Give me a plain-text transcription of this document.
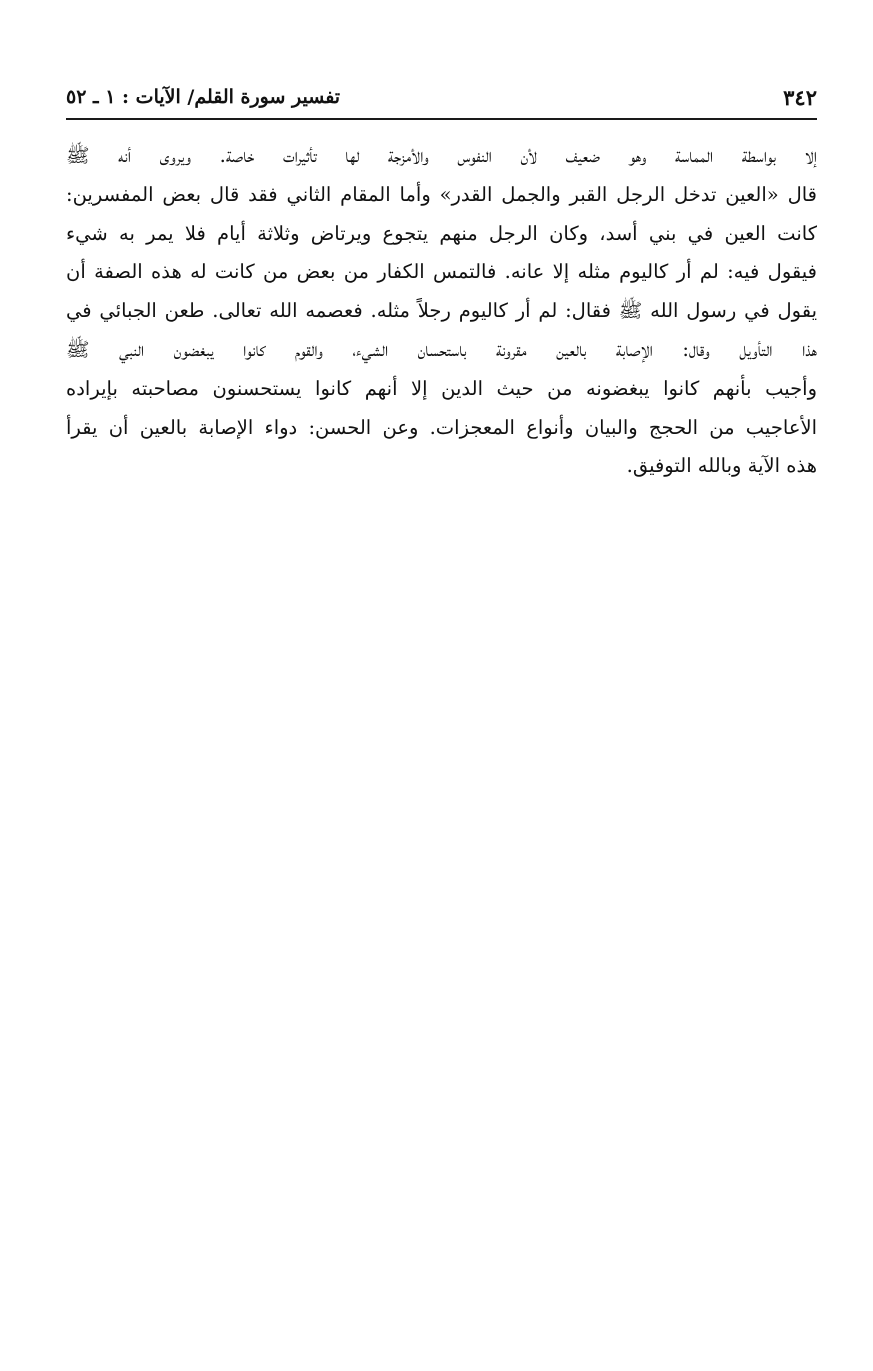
٣٤٢
تفسير سورة القلم/ الآيات : ١ ـ ٥٢
إلا بواسطة المماسة وهو ضعيف لأن النفوس والأمزجة لها تأثيرات خاصة. ويروى أنه ﷺ
قال «العين تدخل الرجل القبر والجمل القدر» وأما المقام الثاني فقد قال بعض المفسرين:
كانت العين في بني أسد، وكان الرجل منهم يتجوع ويرتاض وثلاثة أيام فلا يمر به شيء
فيقول فيه: لم أر كاليوم مثله إلا عانه. فالتمس الكفار من بعض من كانت له هذه الصفة أن
يقول في رسول الله ﷺ فقال: لم أر كاليوم رجلاً مثله. فعصمه الله تعالى. طعن الجبائي في
هذا التأويل وقال: الإصابة بالعين مقرونة باستحسان الشيء، والقوم كانوا يبغضون النبي ﷺ
وأجيب بأنهم كانوا يبغضونه من حيث الدين إلا أنهم كانوا يستحسنون مصاحبته بإيراده
الأعاجيب من الحجج والبيان وأنواع المعجزات. وعن الحسن: دواء الإصابة بالعين أن يقرأ
هذه الآية وبالله التوفيق.
